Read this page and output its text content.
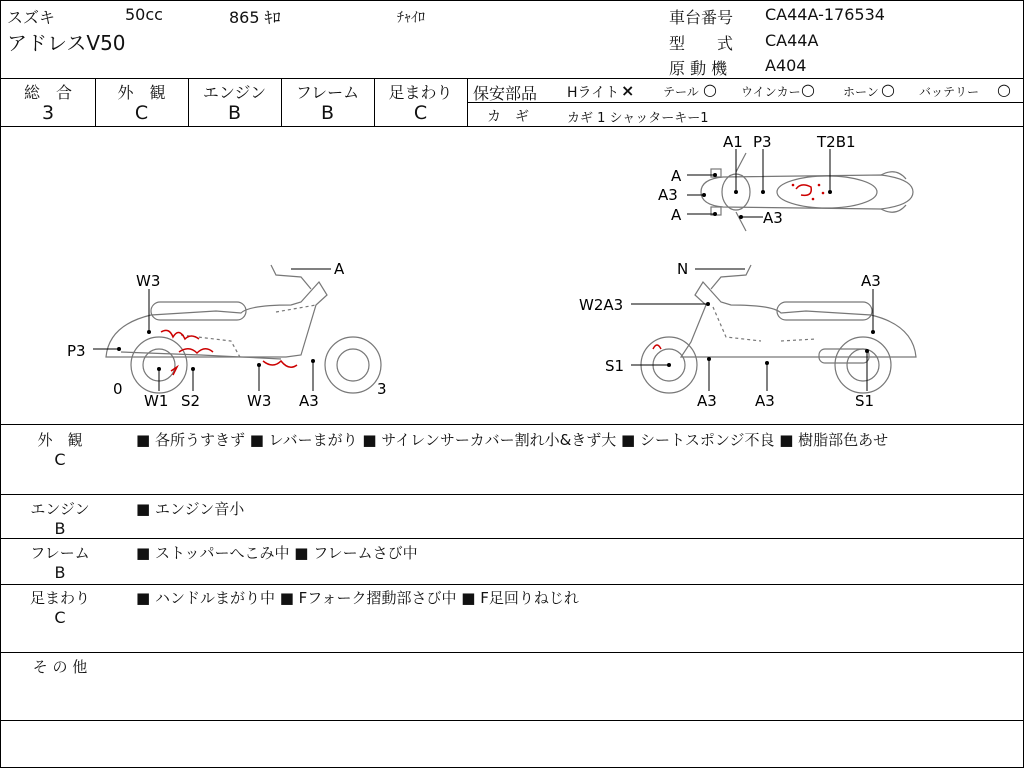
スズキ	50cc	865 ｷﾛ	ﾁｬｲﾛ
アドレスV50
車台番号 CA44A-176534
型　　式 CA44A
原 動 機 A404
総　合
3
外　観
C
エンジン
B
フレーム
B
足まわり
C
保安部品 Hライト × テール ○ ウインカー ○ ホーン ○ バッテリー ○
カ　ギ	カギ 1 シャッターキー1
A1 P3	T2B1
A
A3
A	A3
A
W3
P3
0
W1 S2	W3 A3
3
N
A3
W2A3
S1
A3	A3	S1
外　観
C
■ 各所うすきず ■ レバーまがり ■ サイレンサーカバー割れ小&きず大 ■ シートスポンジ不良 ■ 樹脂部色あせ
エンジン
B
■ エンジン音小
フレーム
B
■ ストッパーへこみ中 ■ フレームさび中
足まわり
C
■ ハンドルまがり中 ■ Fフォーク摺動部さび中 ■ F足回りねじれ
そ の 他
